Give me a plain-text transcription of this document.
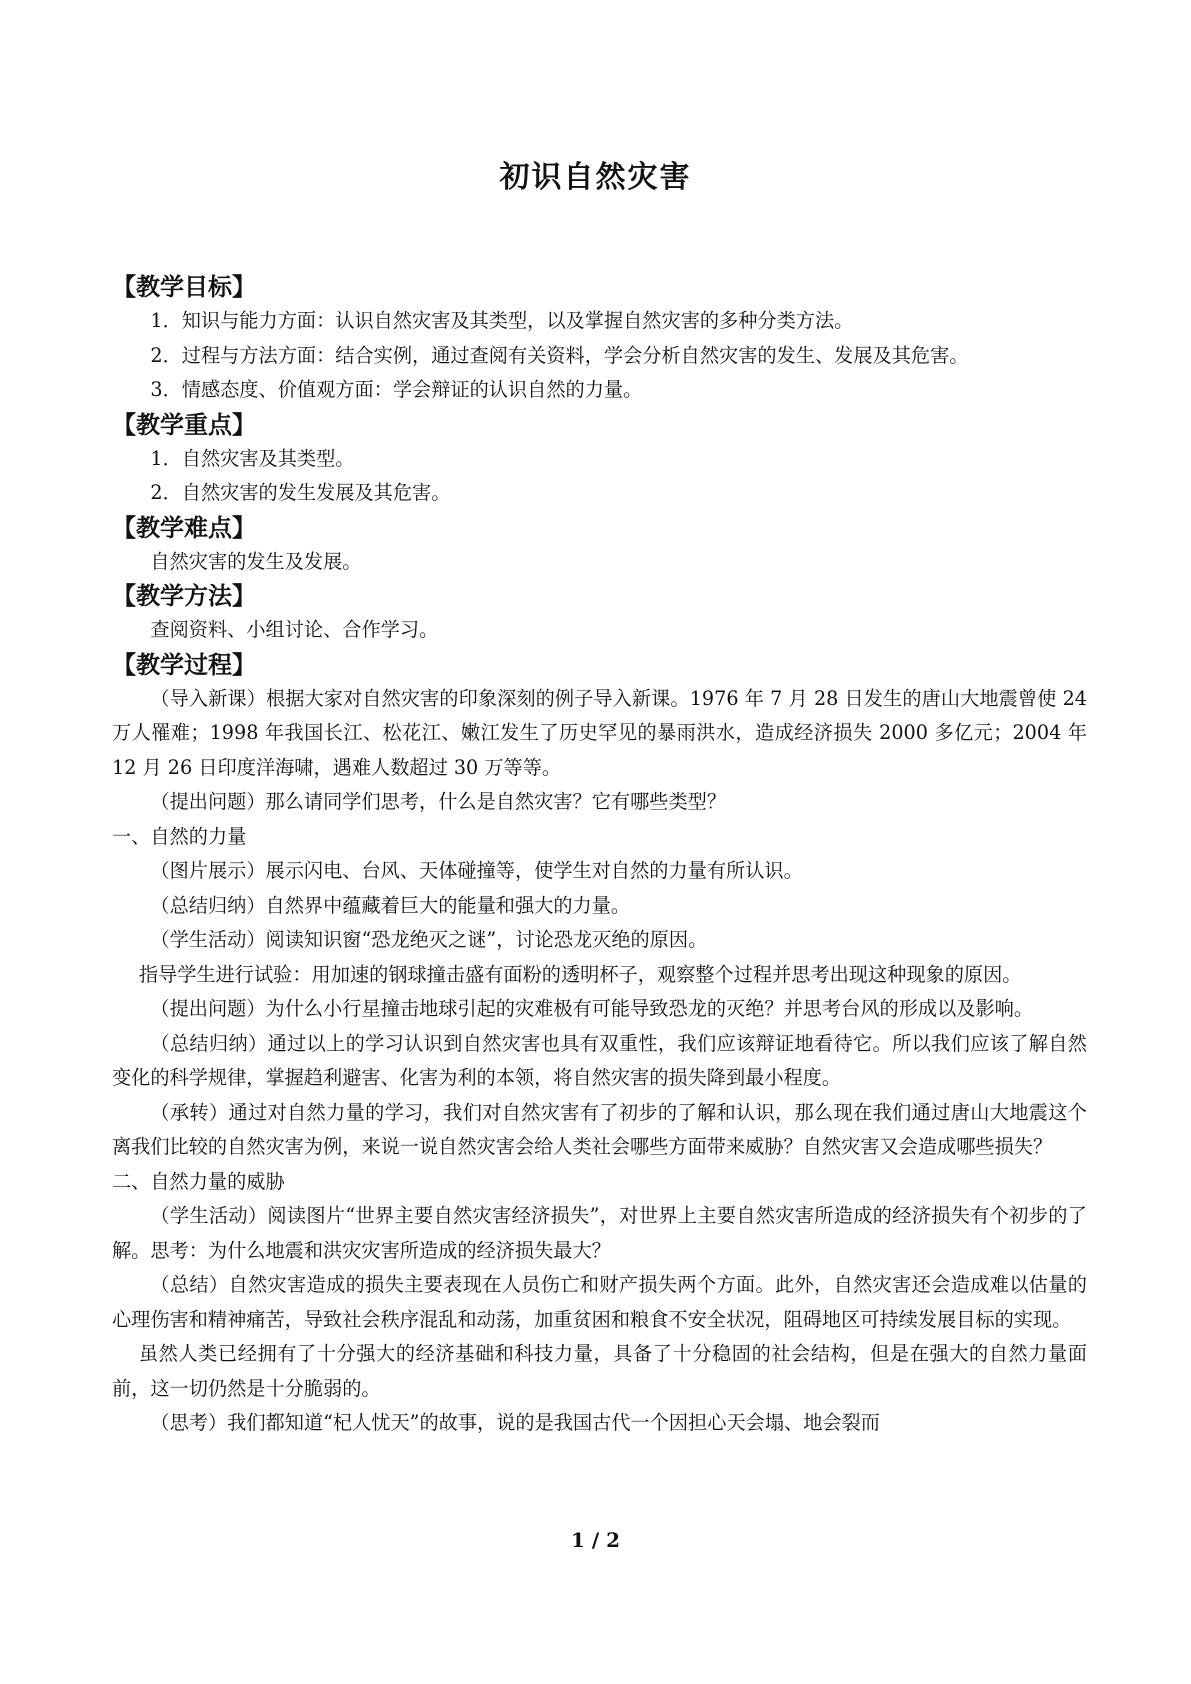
初识自然灾害
【教学目标】

1．知识与能力方面：认识自然灾害及其类型，以及掌握自然灾害的多种分类方法。

2．过程与方法方面：结合实例，通过查阅有关资料，学会分析自然灾害的发生、发展及其危害。

3．情感态度、价值观方面：学会辩证的认识自然的力量。

【教学重点】

1．自然灾害及其类型。

2．自然灾害的发生发展及其危害。

【教学难点】

自然灾害的发生及发展。

【教学方法】

查阅资料、小组讨论、合作学习。

【教学过程】

（导入新课）根据大家对自然灾害的印象深刻的例子导入新课。1976 年 7 月 28 日发生的唐山大地震曾使 24 万人罹难；1998 年我国长江、松花江、嫩江发生了历史罕见的暴雨洪水，造成经济损失 2000 多亿元；2004 年 12 月 26 日印度洋海啸，遇难人数超过 30 万等等。

（提出问题）那么请同学们思考，什么是自然灾害？它有哪些类型？

一、自然的力量

（图片展示）展示闪电、台风、天体碰撞等，使学生对自然的力量有所认识。

（总结归纳）自然界中蕴藏着巨大的能量和强大的力量。

（学生活动）阅读知识窗“恐龙绝灭之谜”，讨论恐龙灭绝的原因。

指导学生进行试验：用加速的钢球撞击盛有面粉的透明杯子，观察整个过程并思考出现这种现象的原因。

（提出问题）为什么小行星撞击地球引起的灾难极有可能导致恐龙的灭绝？并思考台风的形成以及影响。

（总结归纳）通过以上的学习认识到自然灾害也具有双重性，我们应该辩证地看待它。所以我们应该了解自然变化的科学规律，掌握趋利避害、化害为利的本领，将自然灾害的损失降到最小程度。

（承转）通过对自然力量的学习，我们对自然灾害有了初步的了解和认识，那么现在我们通过唐山大地震这个离我们比较的自然灾害为例，来说一说自然灾害会给人类社会哪些方面带来威胁？自然灾害又会造成哪些损失？

二、自然力量的威胁

（学生活动）阅读图片“世界主要自然灾害经济损失”，对世界上主要自然灾害所造成的经济损失有个初步的了解。思考：为什么地震和洪灾灾害所造成的经济损失最大？

（总结）自然灾害造成的损失主要表现在人员伤亡和财产损失两个方面。此外，自然灾害还会造成难以估量的心理伤害和精神痛苦，导致社会秩序混乱和动荡，加重贫困和粮食不安全状况，阻碍地区可持续发展目标的实现。

虽然人类已经拥有了十分强大的经济基础和科技力量，具备了十分稳固的社会结构，但是在强大的自然力量面前，这一切仍然是十分脆弱的。

（思考）我们都知道“杞人忧天”的故事，说的是我国古代一个因担心天会塌、地会裂而

1 / 2
